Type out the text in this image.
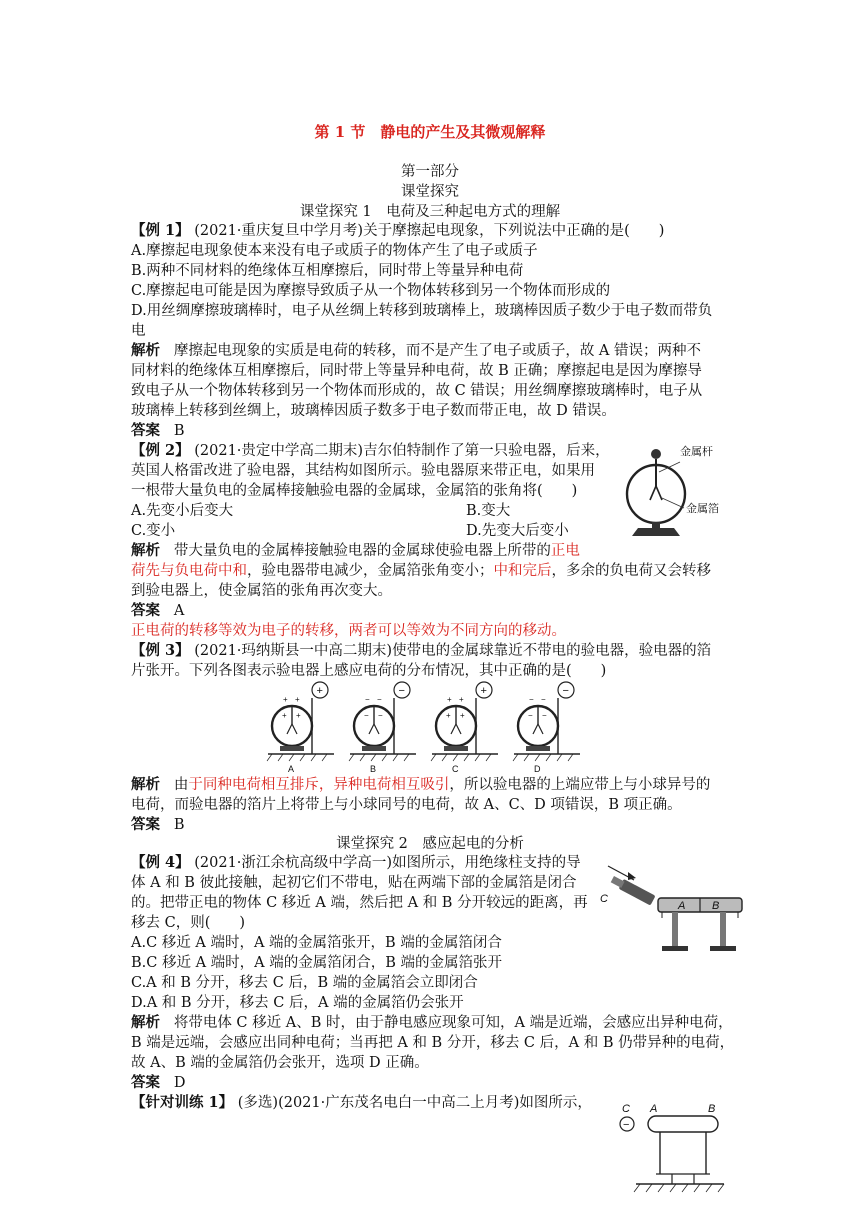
第 1 节　静电的产生及其微观解释
第一部分
课堂探究
课堂探究 1　电荷及三种起电方式的理解
【例 1】 (2021·重庆复旦中学月考)关于摩擦起电现象，下列说法中正确的是(　　)
A.摩擦起电现象使本来没有电子或质子的物体产生了电子或质子
B.两种不同材料的绝缘体互相摩擦后，同时带上等量异种电荷
C.摩擦起电可能是因为摩擦导致质子从一个物体转移到另一个物体而形成的
D.用丝绸摩擦玻璃棒时，电子从丝绸上转移到玻璃棒上，玻璃棒因质子数少于电子数而带负
电
解析 摩擦起电现象的实质是电荷的转移，而不是产生了电子或质子，故 A 错误；两种不
同材料的绝缘体互相摩擦后，同时带上等量异种电荷，故 B 正确；摩擦起电是因为摩擦导
致电子从一个物体转移到另一个物体而形成的，故 C 错误；用丝绸摩擦玻璃棒时，电子从
玻璃棒上转移到丝绸上，玻璃棒因质子数多于电子数而带正电，故 D 错误。
答案 B
【例 2】 (2021·贵定中学高二期末)吉尔伯特制作了第一只验电器，后来，
英国人格雷改进了验电器，其结构如图所示。验电器原来带正电，如果用
一根带大量负电的金属棒接触验电器的金属球，金属箔的张角将(　　)
A.先变小后变大	B.变大
C.变小	D.先变大后变小
金属杆
金属箔
解析 带大量负电的金属棒接触验电器的金属球使验电器上所带的正电
荷先与负电荷中和，验电器带电减少，金属箔张角变小；中和完后，多余的负电荷又会转移
到验电器上，使金属箔的张角再次变大。
答案 A
正电荷的转移等效为电子的转移，两者可以等效为不同方向的移动。
【例 3】 (2021·玛纳斯县一中高二期末)使带电的金属球靠近不带电的验电器，验电器的箔
片张开。下列各图表示验电器上感应电荷的分布情况，其中正确的是(　　)
+
+ +
+ +
A
−
− −
− −
B
+
+ +
+ +
C
−
− −
− −
D
解析 由于同种电荷相互排斥，异种电荷相互吸引，所以验电器的上端应带上与小球异号的
电荷，而验电器的箔片上将带上与小球同号的电荷，故 A、C、D 项错误，B 项正确。
答案 B
课堂探究 2　感应起电的分析
【例 4】 (2021·浙江余杭高级中学高一)如图所示，用绝缘柱支持的导
体 A 和 B 彼此接触，起初它们不带电，贴在两端下部的金属箔是闭合
的。把带正电的物体 C 移近 A 端，然后把 A 和 B 分开较远的距离，再
移去 C，则(　　)
A.C 移近 A 端时，A 端的金属箔张开，B 端的金属箔闭合
B.C 移近 A 端时，A 端的金属箔闭合，B 端的金属箔张开
C.A 和 B 分开，移去 C 后，B 端的金属箔会立即闭合
D.A 和 B 分开，移去 C 后，A 端的金属箔仍会张开
C
A B
解析 将带电体 C 移近 A、B 时，由于静电感应现象可知，A 端是近端，会感应出异种电荷，
B 端是远端，会感应出同种电荷；当再把 A 和 B 分开，移去 C 后，A 和 B 仍带异种的电荷，
故 A、B 端的金属箔仍会张开，选项 D 正确。
答案 D
【针对训练 1】 (多选)(2021·广东茂名电白一中高二上月考)如图所示，	C
−
A	B
